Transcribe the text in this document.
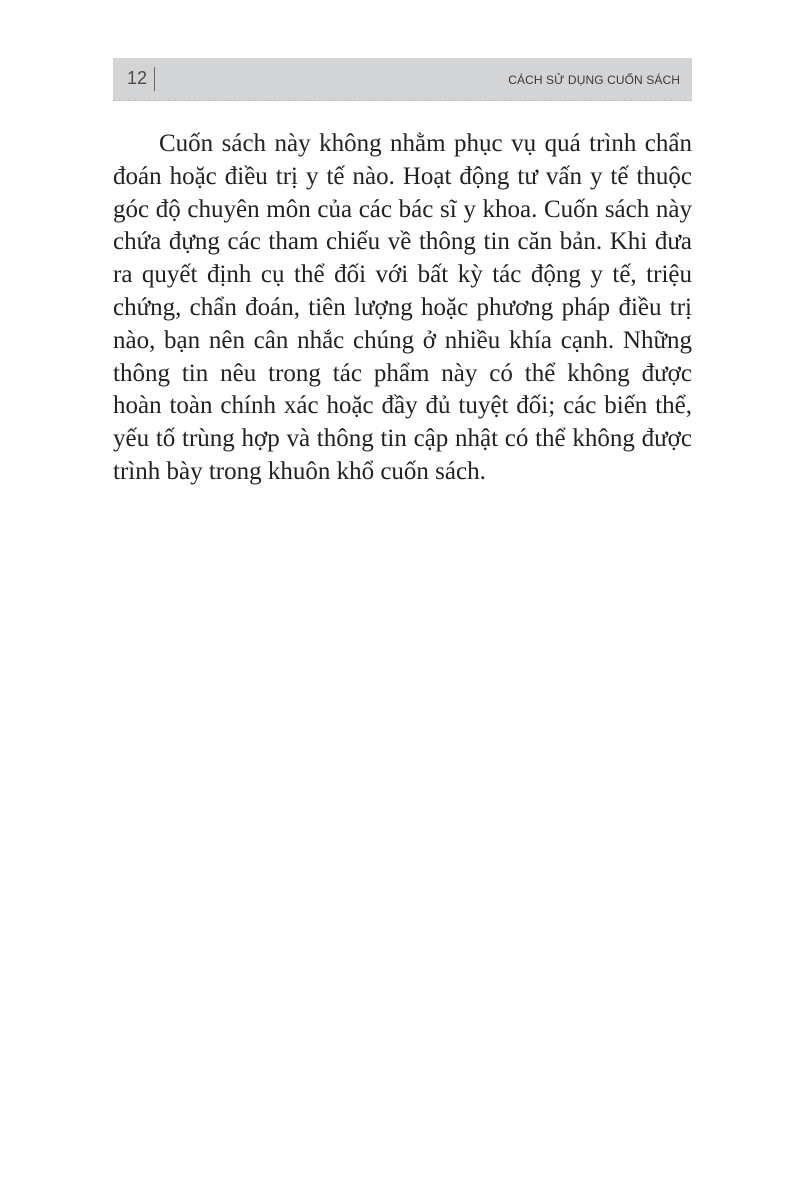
12	CÁCH SỬ DỤNG CUỐN SÁCH
Cuốn sách này không nhằm phục vụ quá trình chẩn
đoán hoặc điều trị y tế nào. Hoạt động tư vấn y tế thuộc
góc độ chuyên môn của các bác sĩ y khoa. Cuốn sách này
chứa đựng các tham chiếu về thông tin căn bản. Khi đưa
ra quyết định cụ thể đối với bất kỳ tác động y tế, triệu
chứng, chẩn đoán, tiên lượng hoặc phương pháp điều trị
nào, bạn nên cân nhắc chúng ở nhiều khía cạnh. Những
thông tin nêu trong tác phẩm này có thể không được
hoàn toàn chính xác hoặc đầy đủ tuyệt đối; các biến thể,
yếu tố trùng hợp và thông tin cập nhật có thể không được
trình bày trong khuôn khổ cuốn sách.
